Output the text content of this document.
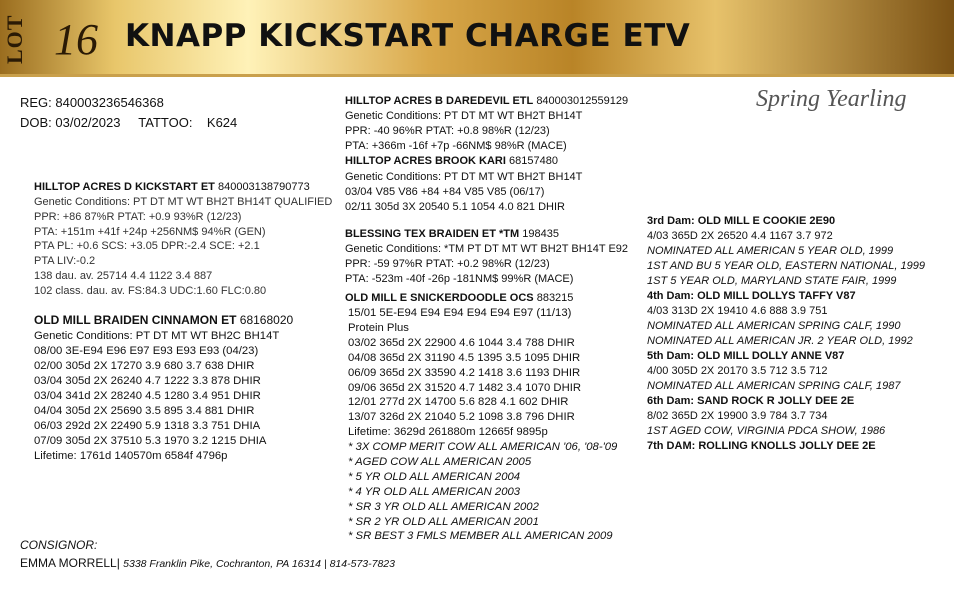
LOT 16 KNAPP KICKSTART CHARGE ETV
Spring Yearling
REG: 840003236546368
DOB: 03/02/2023     TATTOO:    K624
HILLTOP ACRES D KICKSTART ET 840003138790773
Genetic Conditions: PT DT MT WT BH2T BH14T QUALIFIED
PPR: +86 87%R PTAT: +0.9 93%R (12/23)
PTA: +151m +41f +24p +256NM$ 94%R (GEN)
PTA PL: +0.6 SCS: +3.05 DPR:-2.4 SCE: +2.1
PTA LIV:-0.2
138 dau. av. 25714 4.4 1122 3.4 887
102 class. dau. av. FS:84.3 UDC:1.60 FLC:0.80
OLD MILL BRAIDEN CINNAMON ET 68168020
Genetic Conditions: PT DT MT WT BH2C BH14T
08/00 3E-E94 E96 E97 E93 E93 E93 (04/23)
02/00 305d 2X 17270 3.9 680 3.7 638 DHIR
03/04 305d 2X 26240 4.7 1222 3.3 878 DHIR
03/04 341d 2X 28240 4.5 1280 3.4 951 DHIR
04/04 305d 2X 25690 3.5 895 3.4 881 DHIR
06/03 292d 2X 22490 5.9 1318 3.3 751 DHIA
07/09 305d 2X 37510 5.3 1970 3.2 1215 DHIA
Lifetime: 1761d 140570m 6584f 4796p
HILLTOP ACRES B DAREDEVIL ETL 840003012559129
Genetic Conditions: PT DT MT WT BH2T BH14T
PPR: -40 96%R PTAT: +0.8 98%R (12/23)
PTA: +366m -16f +7p -66NM$ 98%R (MACE)
HILLTOP ACRES BROOK KARI 68157480
Genetic Conditions: PT DT MT WT BH2T BH14T
03/04 V85 V86 +84 +84 V85 V85 (06/17)
02/11 305d 3X 20540 5.1 1054 4.0 821 DHIR
BLESSING TEX BRAIDEN ET *TM 198435
Genetic Conditions: *TM PT DT MT WT BH2T BH14T E92
PPR: -59 97%R PTAT: +0.2 98%R (12/23)
PTA: -523m -40f -26p -181NM$ 99%R (MACE)
OLD MILL E SNICKERDOODLE OCS 883215
15/01 5E-E94 E94 E94 E94 E94 E97 (11/13)
Protein Plus
03/02 365d 2X 22900 4.6 1044 3.4 788 DHIR
04/08 365d 2X 31190 4.5 1395 3.5 1095 DHIR
06/09 365d 2X 33590 4.2 1418 3.6 1193 DHIR
09/06 365d 2X 31520 4.7 1482 3.4 1070 DHIR
12/01 277d 2X 14700 5.6 828 4.1 602 DHIR
13/07 326d 2X 21040 5.2 1098 3.8 796 DHIR
Lifetime: 3629d 261880m 12665f 9895p
* 3X COMP MERIT COW ALL AMERICAN '06, '08-'09
* AGED COW ALL AMERICAN 2005
* 5 YR OLD ALL AMERICAN 2004
* 4 YR OLD ALL AMERICAN 2003
* SR 3 YR OLD ALL AMERICAN 2002
* SR 2 YR OLD ALL AMERICAN 2001
* SR BEST 3 FMLS MEMBER ALL AMERICAN 2009
3rd Dam: OLD MILL E COOKIE 2E90
4/03 365D 2X 26520 4.4 1167 3.7 972
NOMINATED ALL AMERICAN 5 YEAR OLD, 1999
1ST AND BU 5 YEAR OLD, EASTERN NATIONAL, 1999
1ST 5 YEAR OLD, MARYLAND STATE FAIR, 1999
4th Dam: OLD MILL DOLLYS TAFFY V87
4/03 313D 2X 19410 4.6 888 3.9 751
NOMINATED ALL AMERICAN SPRING CALF, 1990
NOMINATED ALL AMERICAN JR. 2 YEAR OLD, 1992
5th Dam: OLD MILL DOLLY ANNE V87
4/00 305D 2X 20170 3.5 712 3.5 712
NOMINATED ALL AMERICAN SPRING CALF, 1987
6th Dam: SAND ROCK R JOLLY DEE 2E
8/02 365D 2X 19900 3.9 784 3.7 734
1ST AGED COW, VIRGINIA PDCA SHOW, 1986
7th DAM: ROLLING KNOLLS JOLLY DEE 2E
CONSIGNOR:
EMMA MORRELL| 5338 Franklin Pike, Cochranton, PA 16314 | 814-573-7823
